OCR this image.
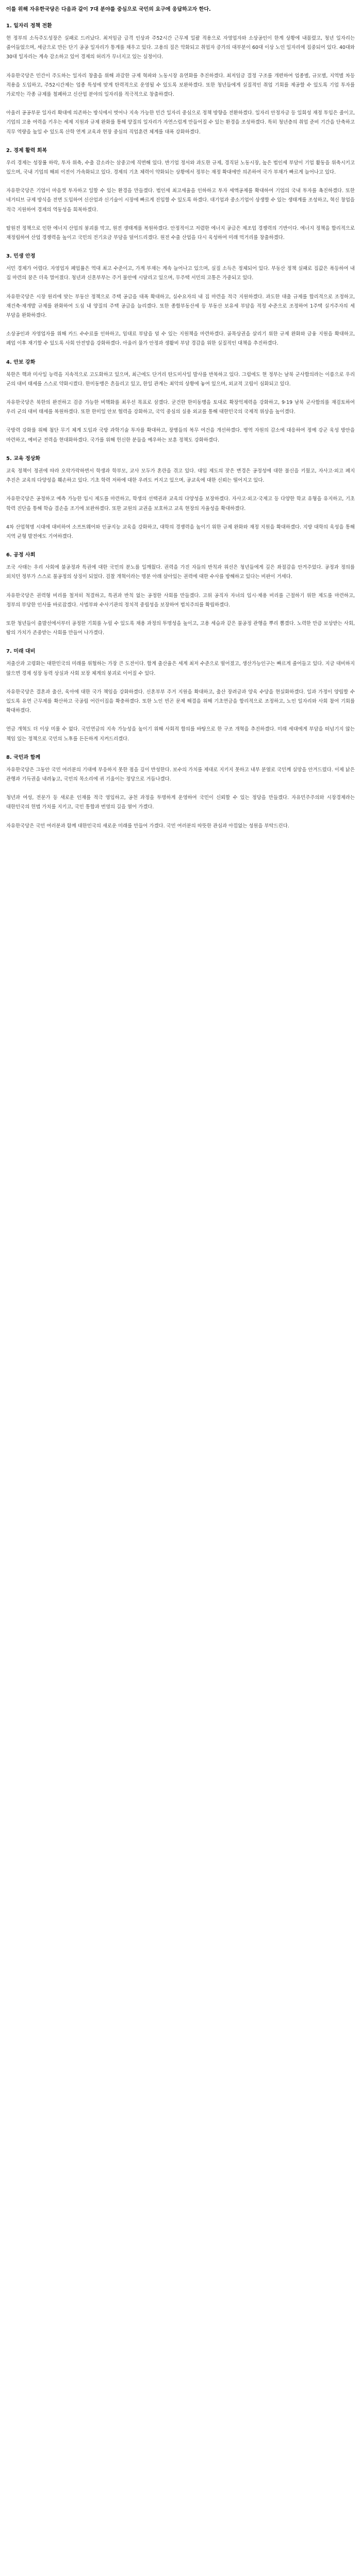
이를 위해 자유한국당은 다음과 같이 7대 분야를 중심으로 국민의 요구에 응답하고자 한다.

1. 일자리 정책 전환

현 정부의 소득주도성장은 실패로 드러났다. 최저임금 급격 인상과 주52시간 근무제 일괄 적용으로 자영업자와 소상공인이 한계 상황에 내몰렸고, 청년 일자리는 줄어들었으며, 세금으로 만든 단기 공공 일자리가 통계를 채우고 있다. 고용의 질은 악화되고 취업자 증가의 대부분이 60대 이상 노인 일자리에 집중되어 있다. 40대와 30대 일자리는 계속 감소하고 있어 경제의 허리가 무너지고 있는 실정이다.

자유한국당은 민간이 주도하는 일자리 창출을 위해 과감한 규제 혁파와 노동시장 유연화를 추진하겠다. 최저임금 결정 구조를 개편하여 업종별, 규모별, 지역별 차등 적용을 도입하고, 주52시간제는 업종 특성에 맞게 탄력적으로 운영될 수 있도록 보완하겠다. 또한 청년들에게 실질적인 취업 기회를 제공할 수 있도록 기업 투자를 가로막는 각종 규제를 철폐하고 신산업 분야의 일자리를 적극적으로 창출하겠다.

아울러 공공부문 일자리 확대에 의존하는 방식에서 벗어나 지속 가능한 민간 일자리 중심으로 정책 방향을 전환하겠다. 일자리 안정자금 등 일회성 재정 투입은 줄이고, 기업의 고용 여력을 키우는 세제 지원과 규제 완화를 통해 양질의 일자리가 자연스럽게 만들어질 수 있는 환경을 조성하겠다. 특히 청년층의 취업 준비 기간을 단축하고 직무 역량을 높일 수 있도록 산학 연계 교육과 현장 중심의 직업훈련 체계를 대폭 강화하겠다.

2. 경제 활력 회복

우리 경제는 성장률 하락, 투자 위축, 수출 감소라는 삼중고에 직면해 있다. 반기업 정서와 과도한 규제, 경직된 노동시장, 높은 법인세 부담이 기업 활동을 위축시키고 있으며, 국내 기업의 해외 이전이 가속화되고 있다. 경제의 기초 체력이 약화되는 상황에서 정부는 재정 확대에만 의존하여 국가 부채가 빠르게 늘어나고 있다.

자유한국당은 기업이 마음껏 투자하고 일할 수 있는 환경을 만들겠다. 법인세 최고세율을 인하하고 투자 세액공제를 확대하여 기업의 국내 투자를 촉진하겠다. 또한 네거티브 규제 방식을 전면 도입하여 신산업과 신기술이 시장에 빠르게 진입할 수 있도록 하겠다. 대기업과 중소기업이 상생할 수 있는 생태계를 조성하고, 혁신 창업을 적극 지원하여 경제의 역동성을 회복하겠다.

탈원전 정책으로 인한 에너지 산업의 붕괴를 막고, 원전 생태계를 복원하겠다. 안정적이고 저렴한 에너지 공급은 제조업 경쟁력의 기반이다. 에너지 정책을 합리적으로 재정립하여 산업 경쟁력을 높이고 국민의 전기요금 부담을 덜어드리겠다. 원전 수출 산업을 다시 육성하여 미래 먹거리를 창출하겠다.

3. 민생 안정

서민 경제가 어렵다. 자영업자 폐업률은 역대 최고 수준이고, 가계 부채는 계속 늘어나고 있으며, 실질 소득은 정체되어 있다. 부동산 정책 실패로 집값은 폭등하여 내 집 마련의 꿈은 더욱 멀어졌다. 청년과 신혼부부는 주거 불안에 시달리고 있으며, 무주택 서민의 고통은 가중되고 있다.

자유한국당은 시장 원리에 맞는 부동산 정책으로 주택 공급을 대폭 확대하고, 실수요자의 내 집 마련을 적극 지원하겠다. 과도한 대출 규제를 합리적으로 조정하고, 재건축·재개발 규제를 완화하여 도심 내 양질의 주택 공급을 늘리겠다. 또한 종합부동산세 등 부동산 보유세 부담을 적정 수준으로 조정하여 1주택 실거주자의 세 부담을 완화하겠다.

소상공인과 자영업자를 위해 카드 수수료를 인하하고, 임대료 부담을 덜 수 있는 지원책을 마련하겠다. 골목상권을 살리기 위한 규제 완화와 금융 지원을 확대하고, 폐업 이후 재기할 수 있도록 사회 안전망을 강화하겠다. 아울러 물가 안정과 생활비 부담 경감을 위한 실질적인 대책을 추진하겠다.

4. 안보 강화

북한은 핵과 미사일 능력을 지속적으로 고도화하고 있으며, 최근에도 단거리 탄도미사일 발사를 반복하고 있다. 그럼에도 현 정부는 남북 군사합의라는 이름으로 우리 군의 대비 태세를 스스로 약화시켰다. 한미동맹은 흔들리고 있고, 한일 관계는 최악의 상황에 놓여 있으며, 외교적 고립이 심화되고 있다.

자유한국당은 북한의 완전하고 검증 가능한 비핵화를 최우선 목표로 삼겠다. 굳건한 한미동맹을 토대로 확장억제력을 강화하고, 9·19 남북 군사합의를 재검토하여 우리 군의 대비 태세를 복원하겠다. 또한 한미일 안보 협력을 강화하고, 국익 중심의 실용 외교를 통해 대한민국의 국제적 위상을 높이겠다.

국방력 강화를 위해 첨단 무기 체계 도입과 국방 과학기술 투자를 확대하고, 장병들의 복무 여건을 개선하겠다. 병역 자원의 감소에 대응하여 정예 강군 육성 방안을 마련하고, 예비군 전력을 현대화하겠다. 국가를 위해 헌신한 분들을 예우하는 보훈 정책도 강화하겠다.

5. 교육 정상화

교육 정책이 정권에 따라 오락가락하면서 학생과 학부모, 교사 모두가 혼란을 겪고 있다. 대입 제도의 잦은 변경은 공정성에 대한 불신을 키웠고, 자사고·외고 폐지 추진은 교육의 다양성을 훼손하고 있다. 기초 학력 저하에 대한 우려도 커지고 있으며, 공교육에 대한 신뢰는 떨어지고 있다.

자유한국당은 공정하고 예측 가능한 입시 제도를 마련하고, 학생의 선택권과 교육의 다양성을 보장하겠다. 자사고·외고·국제고 등 다양한 학교 유형을 유지하고, 기초 학력 진단을 통해 학습 결손을 조기에 보완하겠다. 또한 교원의 교권을 보호하고 교육 현장의 자율성을 확대하겠다.

4차 산업혁명 시대에 대비하여 소프트웨어와 인공지능 교육을 강화하고, 대학의 경쟁력을 높이기 위한 규제 완화와 재정 지원을 확대하겠다. 지방 대학의 육성을 통해 지역 균형 발전에도 기여하겠다.

6. 공정 사회

조국 사태는 우리 사회에 불공정과 특권에 대한 국민의 분노를 일깨웠다. 권력을 가진 자들의 반칙과 위선은 청년들에게 깊은 좌절감을 안겨주었다. 공정과 정의를 외치던 정부가 스스로 불공정의 상징이 되었다. 검찰 개혁이라는 명분 아래 살아있는 권력에 대한 수사를 방해하고 있다는 비판이 거세다.

자유한국당은 권력형 비리를 철저히 척결하고, 특권과 반칙 없는 공정한 사회를 만들겠다. 고위 공직자 자녀의 입시·채용 비리를 근절하기 위한 제도를 마련하고, 정부의 부당한 인사를 바로잡겠다. 사법부와 수사기관의 정치적 중립성을 보장하여 법치주의를 확립하겠다.

또한 청년들이 출발선에서부터 공정한 기회를 누릴 수 있도록 채용 과정의 투명성을 높이고, 고용 세습과 같은 불공정 관행을 뿌리 뽑겠다. 노력한 만큼 보상받는 사회, 땀의 가치가 존중받는 사회를 만들어 나가겠다.

7. 미래 대비

저출산과 고령화는 대한민국의 미래를 위협하는 가장 큰 도전이다. 합계 출산율은 세계 최저 수준으로 떨어졌고, 생산가능인구는 빠르게 줄어들고 있다. 지금 대비하지 않으면 경제 성장 동력 상실과 사회 보장 체계의 붕괴로 이어질 수 있다.

자유한국당은 결혼과 출산, 육아에 대한 국가 책임을 강화하겠다. 신혼부부 주거 지원을 확대하고, 출산 장려금과 양육 수당을 현실화하겠다. 일과 가정이 양립할 수 있도록 유연 근무제를 확산하고 국공립 어린이집을 확충하겠다. 또한 노인 빈곤 문제 해결을 위해 기초연금을 합리적으로 조정하고, 노인 일자리와 사회 참여 기회를 확대하겠다.

연금 개혁도 더 이상 미룰 수 없다. 국민연금의 지속 가능성을 높이기 위해 사회적 합의를 바탕으로 한 구조 개혁을 추진하겠다. 미래 세대에게 부담을 떠넘기지 않는 책임 있는 정책으로 국민의 노후를 든든하게 지켜드리겠다.

8. 국민과 함께

자유한국당은 그동안 국민 여러분의 기대에 부응하지 못한 점을 깊이 반성한다. 보수의 가치를 제대로 지키지 못하고 내부 분열로 국민께 실망을 안겨드렸다. 이제 낡은 관행과 기득권을 내려놓고, 국민의 목소리에 귀 기울이는 정당으로 거듭나겠다.

청년과 여성, 전문가 등 새로운 인재를 적극 영입하고, 공천 과정을 투명하게 운영하여 국민이 신뢰할 수 있는 정당을 만들겠다. 자유민주주의와 시장경제라는 대한민국의 헌법 가치를 지키고, 국민 통합과 번영의 길을 열어 가겠다.

자유한국당은 국민 여러분과 함께 대한민국의 새로운 미래를 만들어 가겠다. 국민 여러분의 따뜻한 관심과 아낌없는 성원을 부탁드린다.
